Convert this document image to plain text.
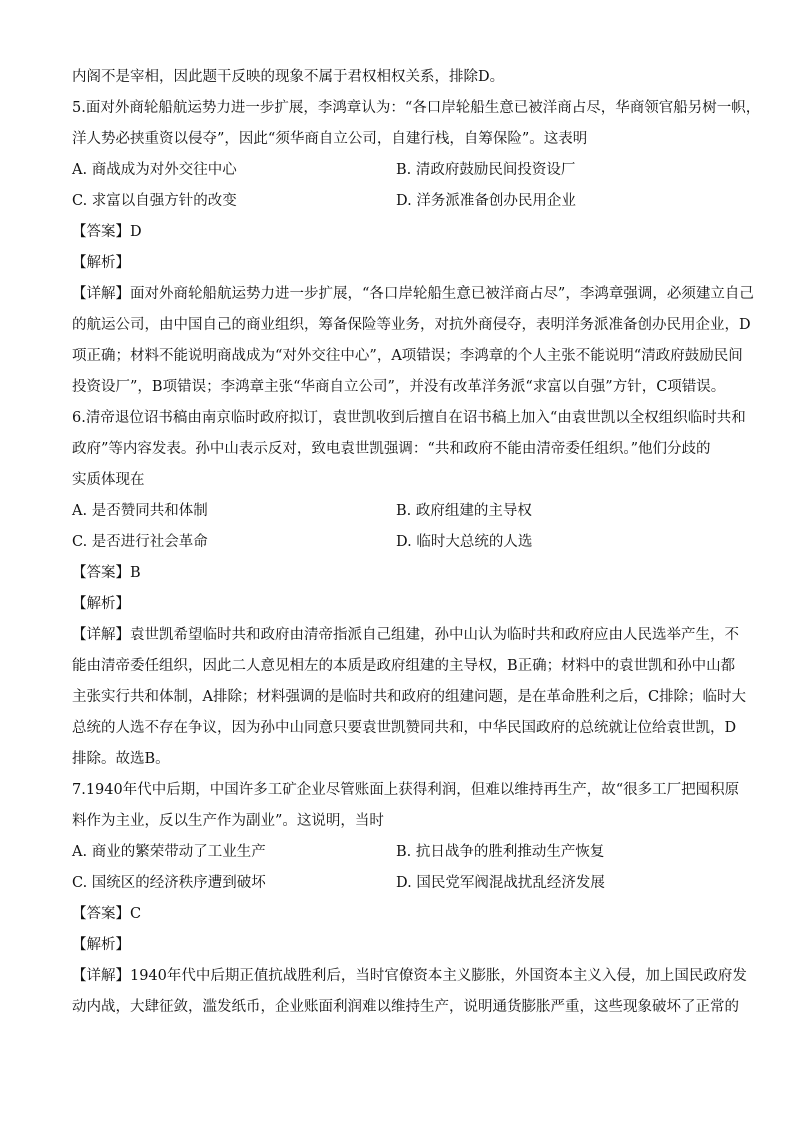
内阁不是宰相，因此题干反映的现象不属于君权相权关系，排除D。
5.面对外商轮船航运势力进一步扩展，李鸿章认为：“各口岸轮船生意已被洋商占尽，华商领官船另树一帜，
洋人势必挟重资以侵夺”，因此“须华商自立公司，自建行栈，自筹保险”。这表明
A. 商战成为对外交往中心	B. 清政府鼓励民间投资设厂
C. 求富以自强方针的改变	D. 洋务派准备创办民用企业
【答案】D
【解析】
【详解】面对外商轮船航运势力进一步扩展，“各口岸轮船生意已被洋商占尽”，李鸿章强调，必须建立自己
的航运公司，由中国自己的商业组织，筹备保险等业务，对抗外商侵夺，表明洋务派准备创办民用企业，D
项正确；材料不能说明商战成为“对外交往中心”，A项错误；李鸿章的个人主张不能说明“清政府鼓励民间
投资设厂”，B项错误；李鸿章主张“华商自立公司”，并没有改革洋务派“求富以自强”方针，C项错误。
6.清帝退位诏书稿由南京临时政府拟订，袁世凯收到后擅自在诏书稿上加入“由袁世凯以全权组织临时共和
政府”等内容发表。孙中山表示反对，致电袁世凯强调：“共和政府不能由清帝委任组织。”他们分歧的
实质体现在
A. 是否赞同共和体制	B. 政府组建的主导权
C. 是否进行社会革命	D. 临时大总统的人选
【答案】B
【解析】
【详解】袁世凯希望临时共和政府由清帝指派自己组建，孙中山认为临时共和政府应由人民选举产生，不
能由清帝委任组织，因此二人意见相左的本质是政府组建的主导权，B正确；材料中的袁世凯和孙中山都
主张实行共和体制，A排除；材料强调的是临时共和政府的组建问题，是在革命胜利之后，C排除；临时大
总统的人选不存在争议，因为孙中山同意只要袁世凯赞同共和，中华民国政府的总统就让位给袁世凯，D
排除。故选B。
7.1940年代中后期，中国许多工矿企业尽管账面上获得利润，但难以维持再生产，故“很多工厂把囤积原
料作为主业，反以生产作为副业”。这说明，当时
A. 商业的繁荣带动了工业生产	B. 抗日战争的胜利推动生产恢复
C. 国统区的经济秩序遭到破坏	D. 国民党军阀混战扰乱经济发展
【答案】C
【解析】
【详解】1940年代中后期正值抗战胜利后，当时官僚资本主义膨胀，外国资本主义入侵，加上国民政府发
动内战，大肆征敛，滥发纸币，企业账面利润难以维持生产，说明通货膨胀严重，这些现象破坏了正常的
